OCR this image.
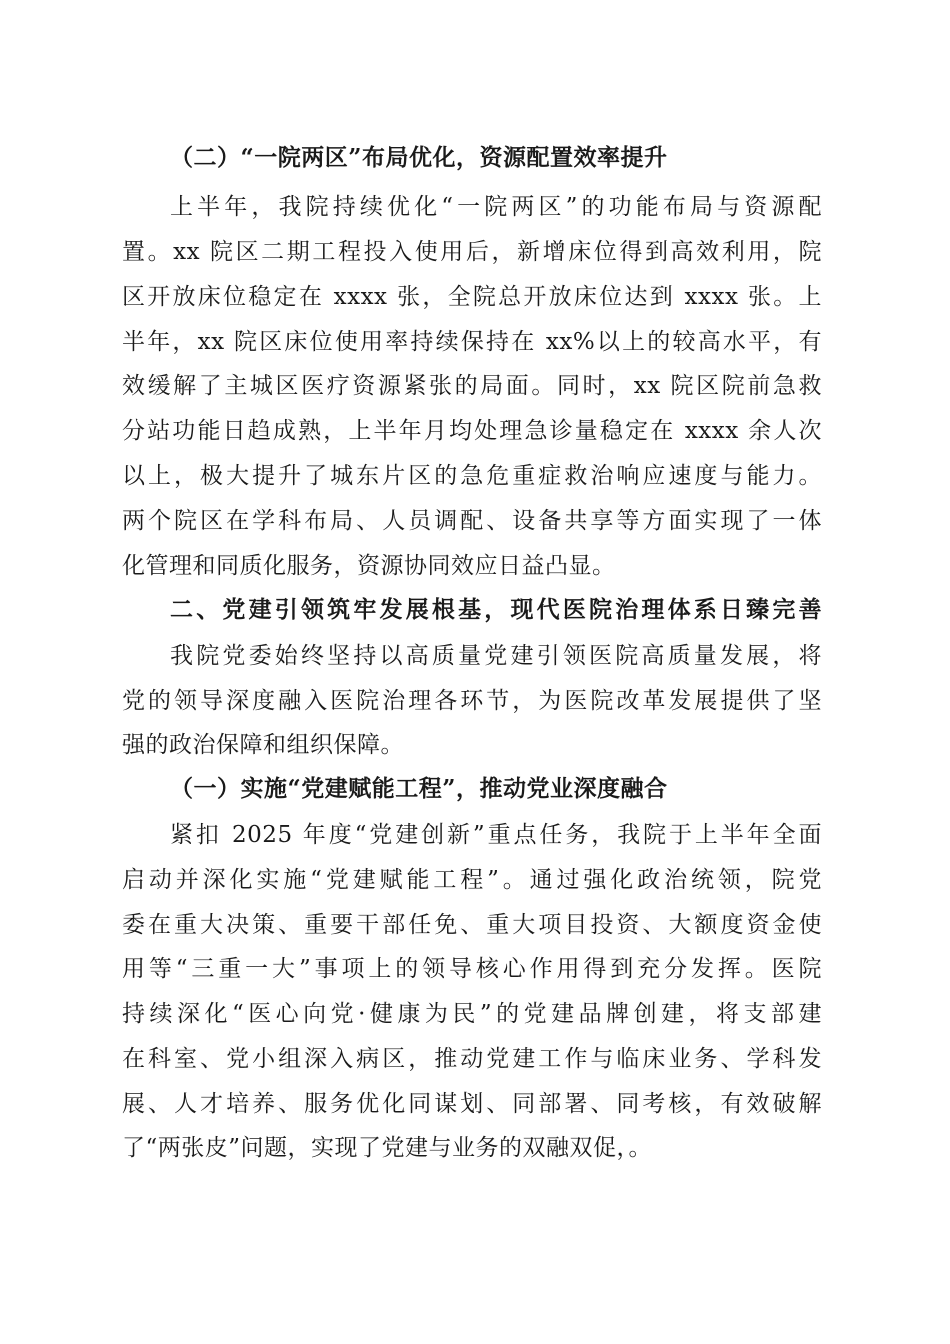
（二）“一院两区”布局优化，资源配置效率提升
上半年，我院持续优化“一院两区”的功能布局与资源配
置。xx 院区二期工程投入使用后，新增床位得到高效利用，院
区开放床位稳定在 xxxx 张，全院总开放床位达到 xxxx 张。上
半年，xx 院区床位使用率持续保持在 xx%以上的较高水平，有
效缓解了主城区医疗资源紧张的局面。同时，xx 院区院前急救
分站功能日趋成熟，上半年月均处理急诊量稳定在 xxxx 余人次
以上，极大提升了城东片区的急危重症救治响应速度与能力。
两个院区在学科布局、人员调配、设备共享等方面实现了一体
化管理和同质化服务，资源协同效应日益凸显。
二、党建引领筑牢发展根基，现代医院治理体系日臻完善
我院党委始终坚持以高质量党建引领医院高质量发展，将
党的领导深度融入医院治理各环节，为医院改革发展提供了坚
强的政治保障和组织保障。
（一）实施“党建赋能工程”，推动党业深度融合
紧扣 2025 年度“党建创新”重点任务，我院于上半年全面
启动并深化实施“党建赋能工程”。通过强化政治统领，院党
委在重大决策、重要干部任免、重大项目投资、大额度资金使
用等“三重一大”事项上的领导核心作用得到充分发挥。医院
持续深化“医心向党·健康为民”的党建品牌创建，将支部建
在科室、党小组深入病区，推动党建工作与临床业务、学科发
展、人才培养、服务优化同谋划、同部署、同考核，有效破解
了“两张皮”问题，实现了党建与业务的双融双促，。
